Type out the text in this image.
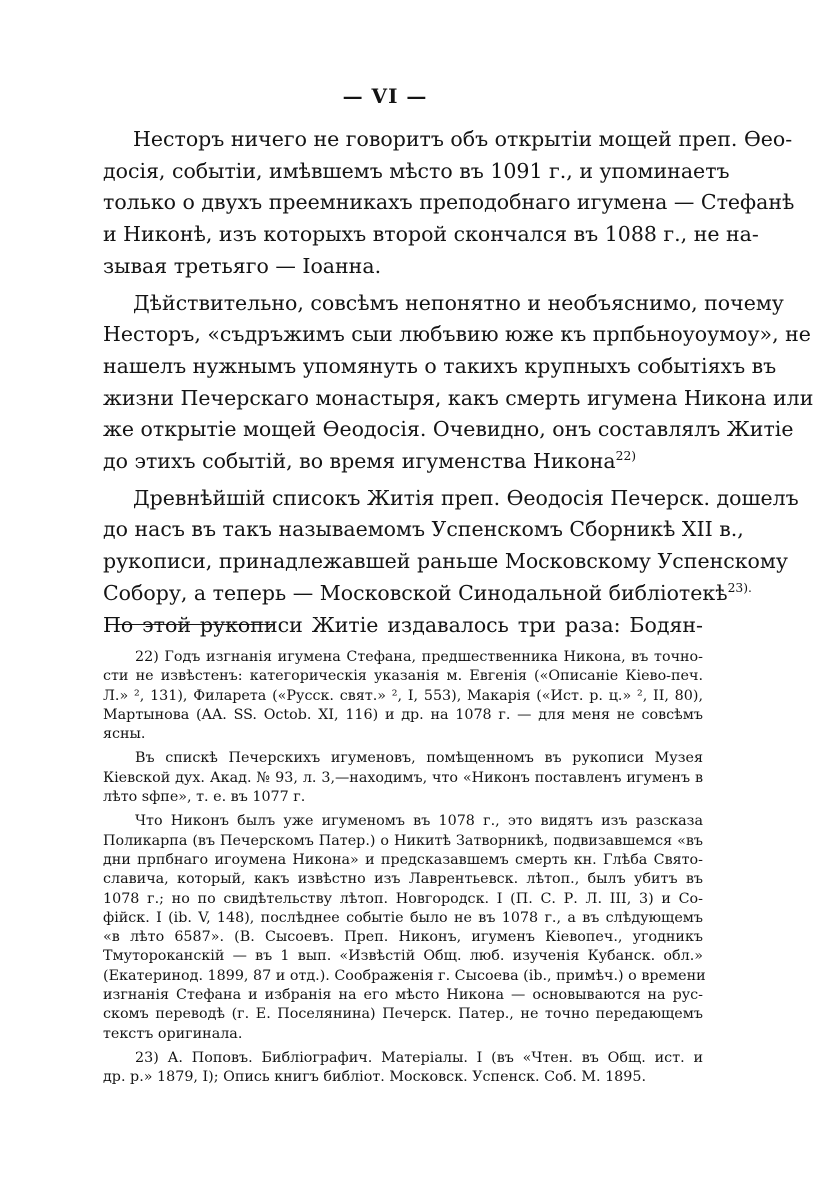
— VI —
Несторъ ничего не говоритъ объ открытіи мощей преп. Ѳео-
досія, событіи, имѣвшемъ мѣсто въ 1091 г., и упоминаетъ
только о двухъ преемникахъ преподобнаго игумена — Стефанѣ
и Никонѣ, изъ которыхъ второй скончался въ 1088 г., не на-
зывая третьяго — Іоанна.
Дѣйствительно, совсѣмъ непонятно и необъяснимо, почему
Несторъ, «съдръжимъ сыи любъвию юже къ прпбьноуоумоу», не
нашелъ нужнымъ упомянуть о такихъ крупныхъ событіяхъ въ
жизни Печерскаго монастыря, какъ смерть игумена Никона или
же открытіе мощей Ѳеодосія. Очевидно, онъ составлялъ Житіе
до этихъ событій, во время игуменства Никона$^{22)}$
Древнѣйшій списокъ Житія преп. Ѳеодосія Печерск. дошелъ
до насъ въ такъ называемомъ Успенскомъ Сборникѣ XII в.,
рукописи, принадлежавшей раньше Московскому Успенскому
Собору, а теперь — Московской Синодальной библіотекѣ$^{23).}$
По этой рукописи Житіе издавалось три раза: Бодян-
22) Годъ изгнанія игумена Стефана, предшественника Никона, въ точно-
сти не извѣстенъ: категорическія указанія м. Евгенія («Описаніе Кіево-печ.
Л.» ², 131), Филарета («Русск. свят.» ², I, 553), Макарія («Ист. р. ц.» ², II, 80),
Мартынова (AA. SS. Octob. XI, 116) и др. на 1078 г. — для меня не совсѣмъ
ясны.
Въ спискѣ Печерскихъ игуменовъ, помѣщенномъ въ рукописи Музея
Кіевской дух. Акад. № 93, л. 3,—находимъ, что «Никонъ поставленъ игуменъ в
лѣто ѕфпе», т. е. въ 1077 г.
Что Никонъ былъ уже игуменомъ въ 1078 г., это видятъ изъ разсказа
Поликарпа (въ Печерскомъ Патер.) о Никитѣ Затворникѣ, подвизавшемся «въ
дни прпбнаго игоумена Никона» и предсказавшемъ смерть кн. Глѣба Свято-
славича, который, какъ извѣстно изъ Лаврентьевск. лѣтоп., былъ убитъ въ
1078 г.; но по свидѣтельству лѣтоп. Новгородск. I (П. С. Р. Л. III, 3) и Со-
фійск. I (ib. V, 148), послѣднее событіе было не въ 1078 г., а въ слѣдующемъ
«в лѣто 6587». (В. Сысоевъ. Преп. Никонъ, игуменъ Кіевопеч., угодникъ
Тмутороканскій — въ 1 вып. «Извѣстій Общ. люб. изученія Кубанск. обл.»
(Екатеринод. 1899, 87 и отд.). Соображенія г. Сысоева (ib., примѣч.) о времени
изгнанія Стефана и избранія на его мѣсто Никона — основываются на рус-
скомъ переводѣ (г. Е. Поселянина) Печерск. Патер., не точно передающемъ
текстъ оригинала.
23) А. Поповъ. Библіографич. Матеріалы. I (въ «Чтен. въ Общ. ист. и
др. р.» 1879, I); Опись книгъ библіот. Московск. Успенск. Соб. М. 1895.
